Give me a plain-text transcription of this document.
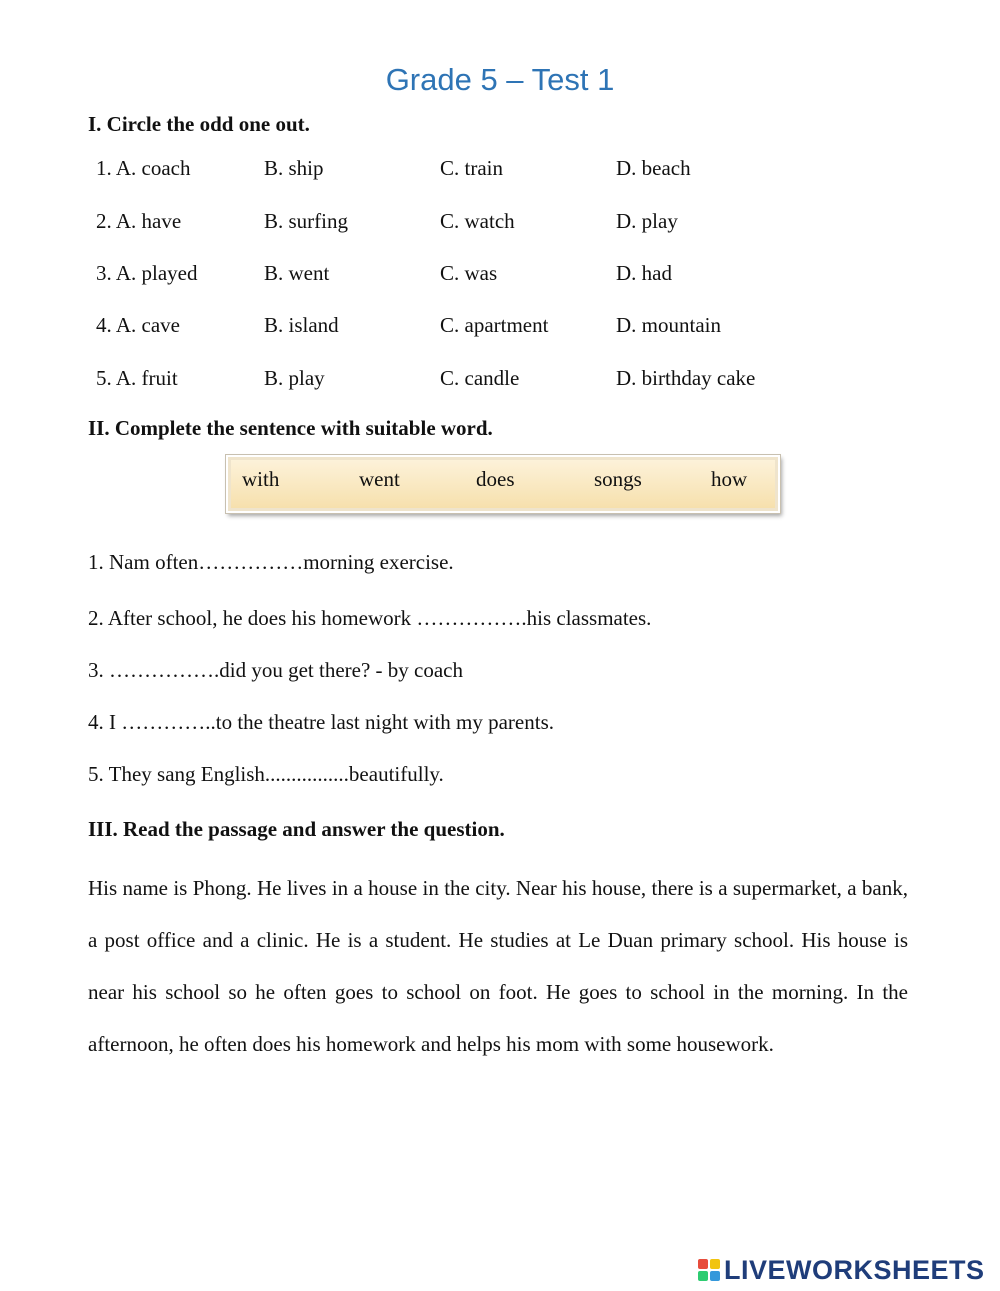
Grade 5 – Test 1
I. Circle the odd one out.
1. A. coach	B. ship	C. train	D. beach
2. A. have	B. surfing	C. watch	D. play
3. A. played	B. went	C. was	D. had
4. A. cave	B. island	C. apartment	D. mountain
5. A. fruit	B. play	C. candle	D. birthday cake
II. Complete the sentence with suitable word.
with	went	does	songs	how
1. Nam often……………morning exercise.
2. After school, he does his homework …………….his classmates.
3. …………….did you get there? - by coach
4. I …………..to the theatre last night with my parents.
5. They sang English................beautifully.
III. Read the passage and answer the question.

His name is Phong. He lives in a house in the city. Near his house, there is a supermarket, a bank, a post office and a clinic. He is a student. He studies at Le Duan primary school. His house is near his school so he often goes to school on foot. He goes to school in the morning. In the afternoon, he often does his homework and helps his mom with some housework.

LIVEWORKSHEETS
